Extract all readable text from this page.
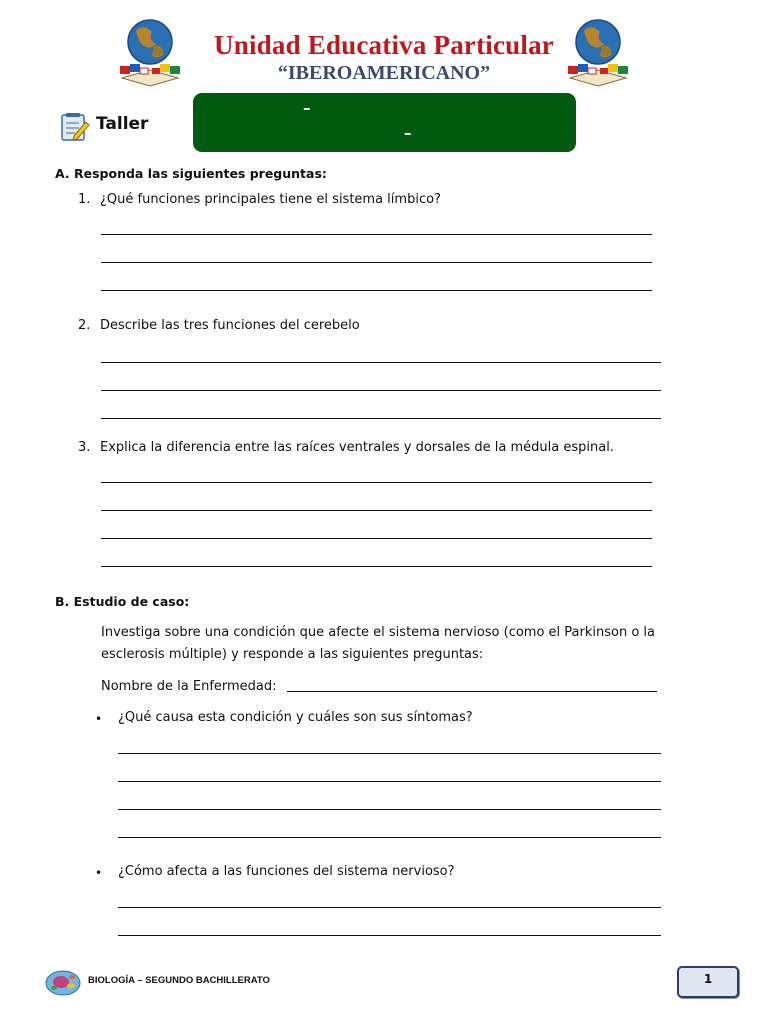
Unidad Educativa Particular
“IBEROAMERICANO”
Taller
–
–
A. Responda las siguientes preguntas:
1. ¿Qué funciones principales tiene el sistema límbico?
2. Describe las tres funciones del cerebelo
3. Explica la diferencia entre las raíces ventrales y dorsales de la médula espinal.
B. Estudio de caso:
Investiga sobre una condición que afecte el sistema nervioso (como el Parkinson o la
esclerosis múltiple) y responde a las siguientes preguntas:
Nombre de la Enfermedad:
• ¿Qué causa esta condición y cuáles son sus síntomas?
• ¿Cómo afecta a las funciones del sistema nervioso?
BIOLOGÍA – SEGUNDO BACHILLERATO	1
